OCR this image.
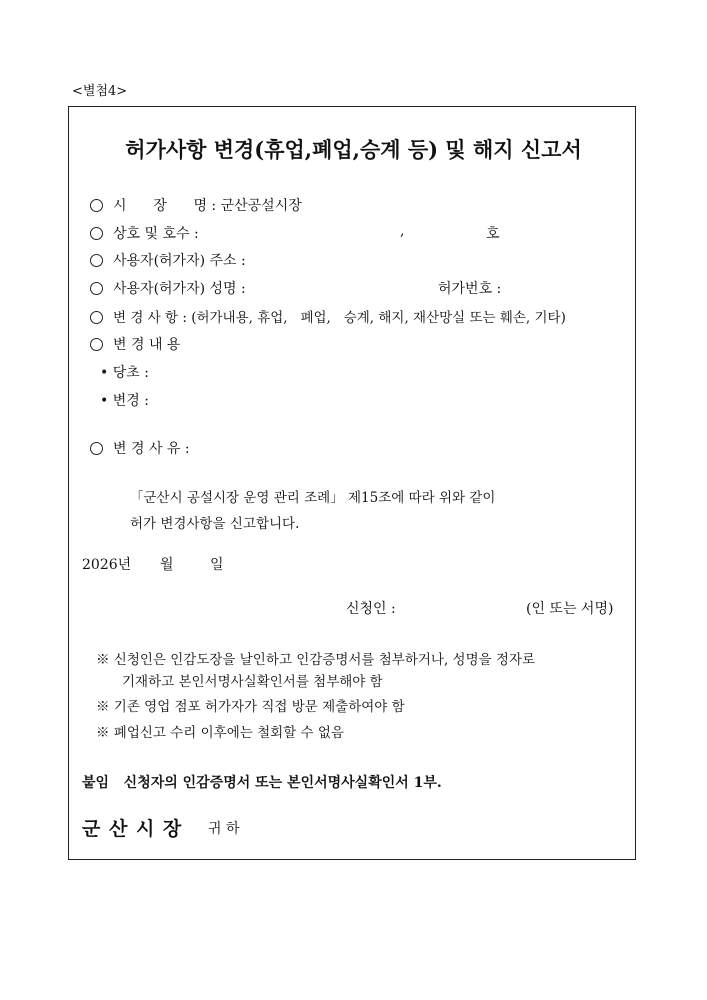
<별첨4>
허가사항 변경(휴업,폐업,승계 등) 및 해지 신고서
시      장      명 : 군산공설시장
상호 및 호수 :	,	호
사용자(허가자) 주소 :
사용자(허가자) 성명 :	허가번호 :
변 경 사 항 : (허가내용, 휴업,   폐업,   승계, 해지, 재산망실 또는 훼손, 기타)
변 경 내 용
• 당초 :
• 변경 :
변 경 사 유 :
「군산시 공설시장 운영 관리 조례」 제15조에 따라 위와 같이
허가 변경사항을 신고합니다.
2026년 월	일
신청인 :	(인 또는 서명)
※ 신청인은 인감도장을 날인하고 인감증명서를 첨부하거나, 성명을 정자로
기재하고 본인서명사실확인서를 첨부해야 함
※ 기존 영업 점포 허가자가 직접 방문 제출하여야 함
※ 폐업신고 수리 이후에는 철회할 수 없음
붙임   신청자의 인감증명서 또는 본인서명사실확인서 1부.
군 산 시 장 귀 하
